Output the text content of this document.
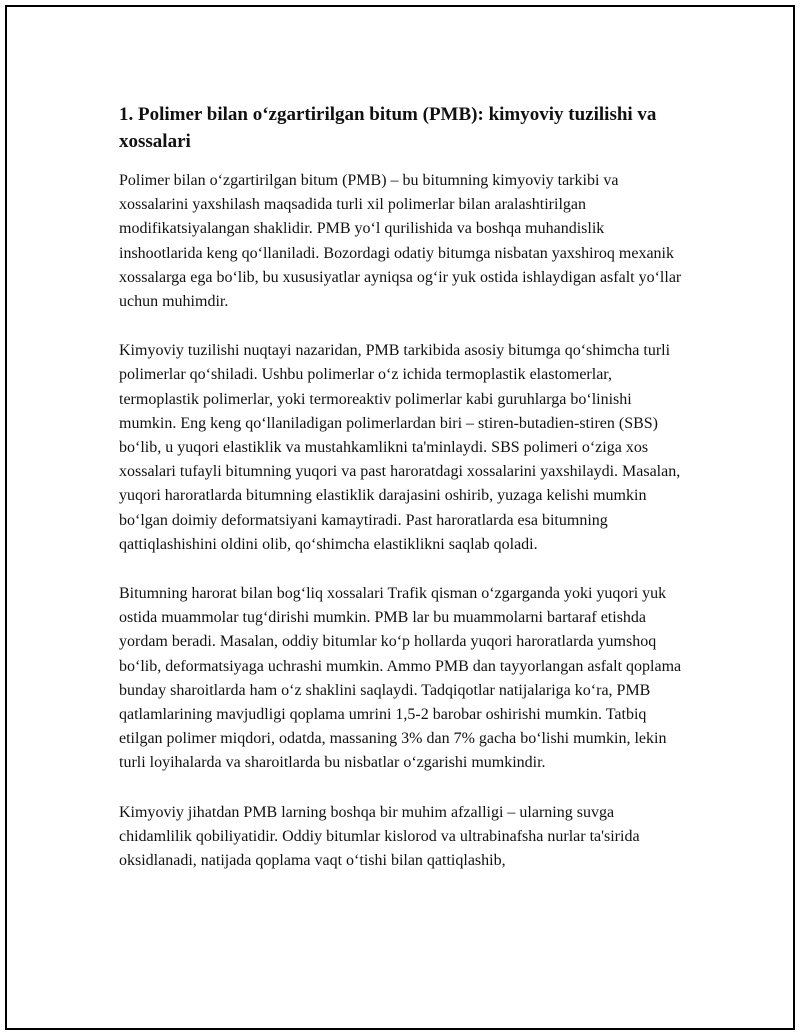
1. Polimer bilan o‘zgartirilgan bitum (PMB): kimyoviy tuzilishi va xossalari

Polimer bilan o‘zgartirilgan bitum (PMB) – bu bitumning kimyoviy tarkibi va xossalarini yaxshilash maqsadida turli xil polimerlar bilan aralashtirilgan modifikatsiyalangan shaklidir. PMB yo‘l qurilishida va boshqa muhandislik inshootlarida keng qo‘llaniladi. Bozordagi odatiy bitumga nisbatan yaxshiroq mexanik xossalarga ega bo‘lib, bu xususiyatlar ayniqsa og‘ir yuk ostida ishlaydigan asfalt yo‘llar uchun muhimdir.

Kimyoviy tuzilishi nuqtayi nazaridan, PMB tarkibida asosiy bitumga qo‘shimcha turli polimerlar qo‘shiladi. Ushbu polimerlar o‘z ichida termoplastik elastomerlar, termoplastik polimerlar, yoki termoreaktiv polimerlar kabi guruhlarga bo‘linishi mumkin. Eng keng qo‘llaniladigan polimerlardan biri – stiren-butadien-stiren (SBS) bo‘lib, u yuqori elastiklik va mustahkamlikni ta'minlaydi. SBS polimeri o‘ziga xos xossalari tufayli bitumning yuqori va past haroratdagi xossalarini yaxshilaydi. Masalan, yuqori haroratlarda bitumning elastiklik darajasini oshirib, yuzaga kelishi mumkin bo‘lgan doimiy deformatsiyani kamaytiradi. Past haroratlarda esa bitumning qattiqlashishini oldini olib, qo‘shimcha elastiklikni saqlab qoladi.

Bitumning harorat bilan bog‘liq xossalari Trafik qisman o‘zgarganda yoki yuqori yuk ostida muammolar tug‘dirishi mumkin. PMB lar bu muammolarni bartaraf etishda yordam beradi. Masalan, oddiy bitumlar ko‘p hollarda yuqori haroratlarda yumshoq bo‘lib, deformatsiyaga uchrashi mumkin. Ammo PMB dan tayyorlangan asfalt qoplama bunday sharoitlarda ham o‘z shaklini saqlaydi. Tadqiqotlar natijalariga ko‘ra, PMB qatlamlarining mavjudligi qoplama umrini 1,5-2 barobar oshirishi mumkin. Tatbiq etilgan polimer miqdori, odatda, massaning 3% dan 7% gacha bo‘lishi mumkin, lekin turli loyihalarda va sharoitlarda bu nisbatlar o‘zgarishi mumkindir.

Kimyoviy jihatdan PMB larning boshqa bir muhim afzalligi – ularning suvga chidamlilik qobiliyatidir. Oddiy bitumlar kislorod va ultrabinafsha nurlar ta'sirida oksidlanadi, natijada qoplama vaqt o‘tishi bilan qattiqlashib,
